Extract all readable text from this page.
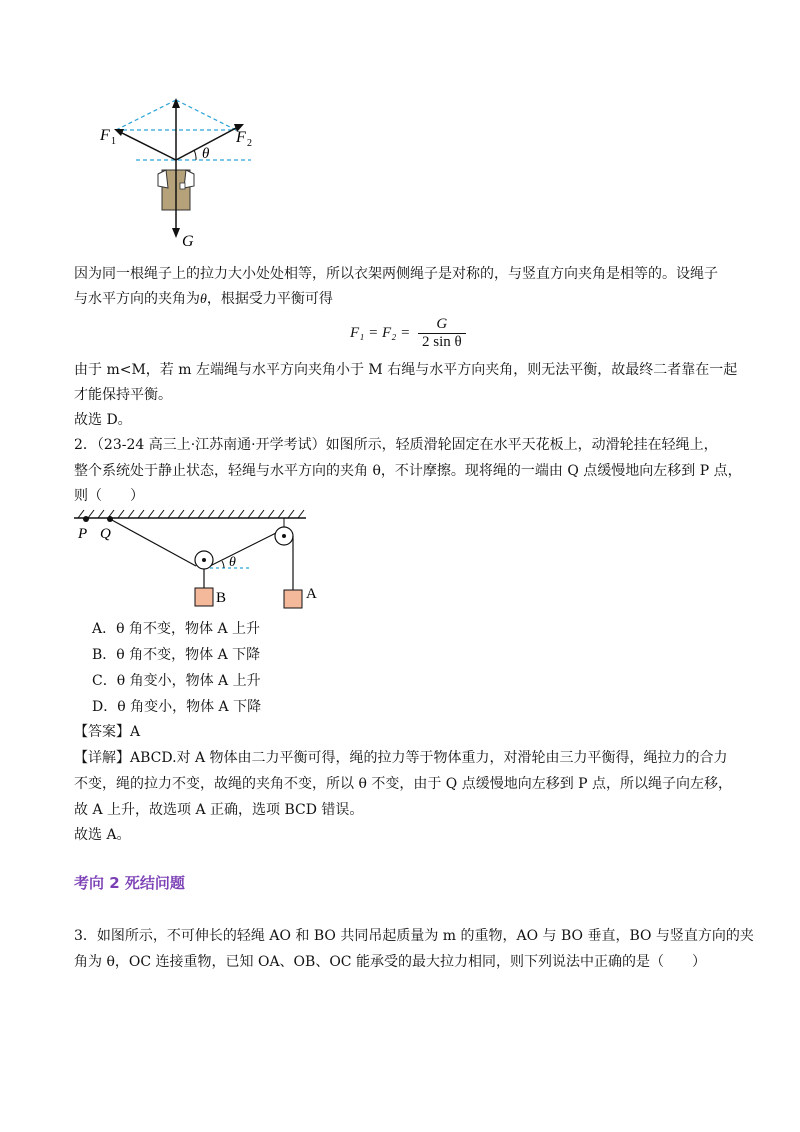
F 1	F 2
θ
G
因为同一根绳子上的拉力大小处处相等，所以衣架两侧绳子是对称的，与竖直方向夹角是相等的。设绳子
与水平方向的夹角为θ，根据受力平衡可得
$F_1 = F_2 = \frac{G}{\text{2 sin θ}}$
由于 m<M，若 m 左端绳与水平方向夹角小于 M 右绳与水平方向夹角，则无法平衡，故最终二者靠在一起
才能保持平衡。
故选 D。
2．（23-24 高三上·江苏南通·开学考试）如图所示，轻质滑轮固定在水平天花板上，动滑轮挂在轻绳上，
整个系统处于静止状态，轻绳与水平方向的夹角 θ，不计摩擦。现将绳的一端由 Q 点缓慢地向左移到 P 点，
则（　　）
P Q
θ
B	A
A．θ 角不变，物体 A 上升
B．θ 角不变，物体 A 下降
C．θ 角变小，物体 A 上升
D．θ 角变小，物体 A 下降
【答案】A
【详解】ABCD.对 A 物体由二力平衡可得，绳的拉力等于物体重力，对滑轮由三力平衡得，绳拉力的合力
不变，绳的拉力不变，故绳的夹角不变，所以 θ 不变，由于 Q 点缓慢地向左移到 P 点，所以绳子向左移，
故 A 上升，故选项 A 正确，选项 BCD 错误。
故选 A。
考向 2 死结问题
3．如图所示，不可伸长的轻绳 AO 和 BO 共同吊起质量为 m 的重物，AO 与 BO 垂直，BO 与竖直方向的夹
角为 θ，OC 连接重物，已知 OA、OB、OC 能承受的最大拉力相同，则下列说法中正确的是（　　）
